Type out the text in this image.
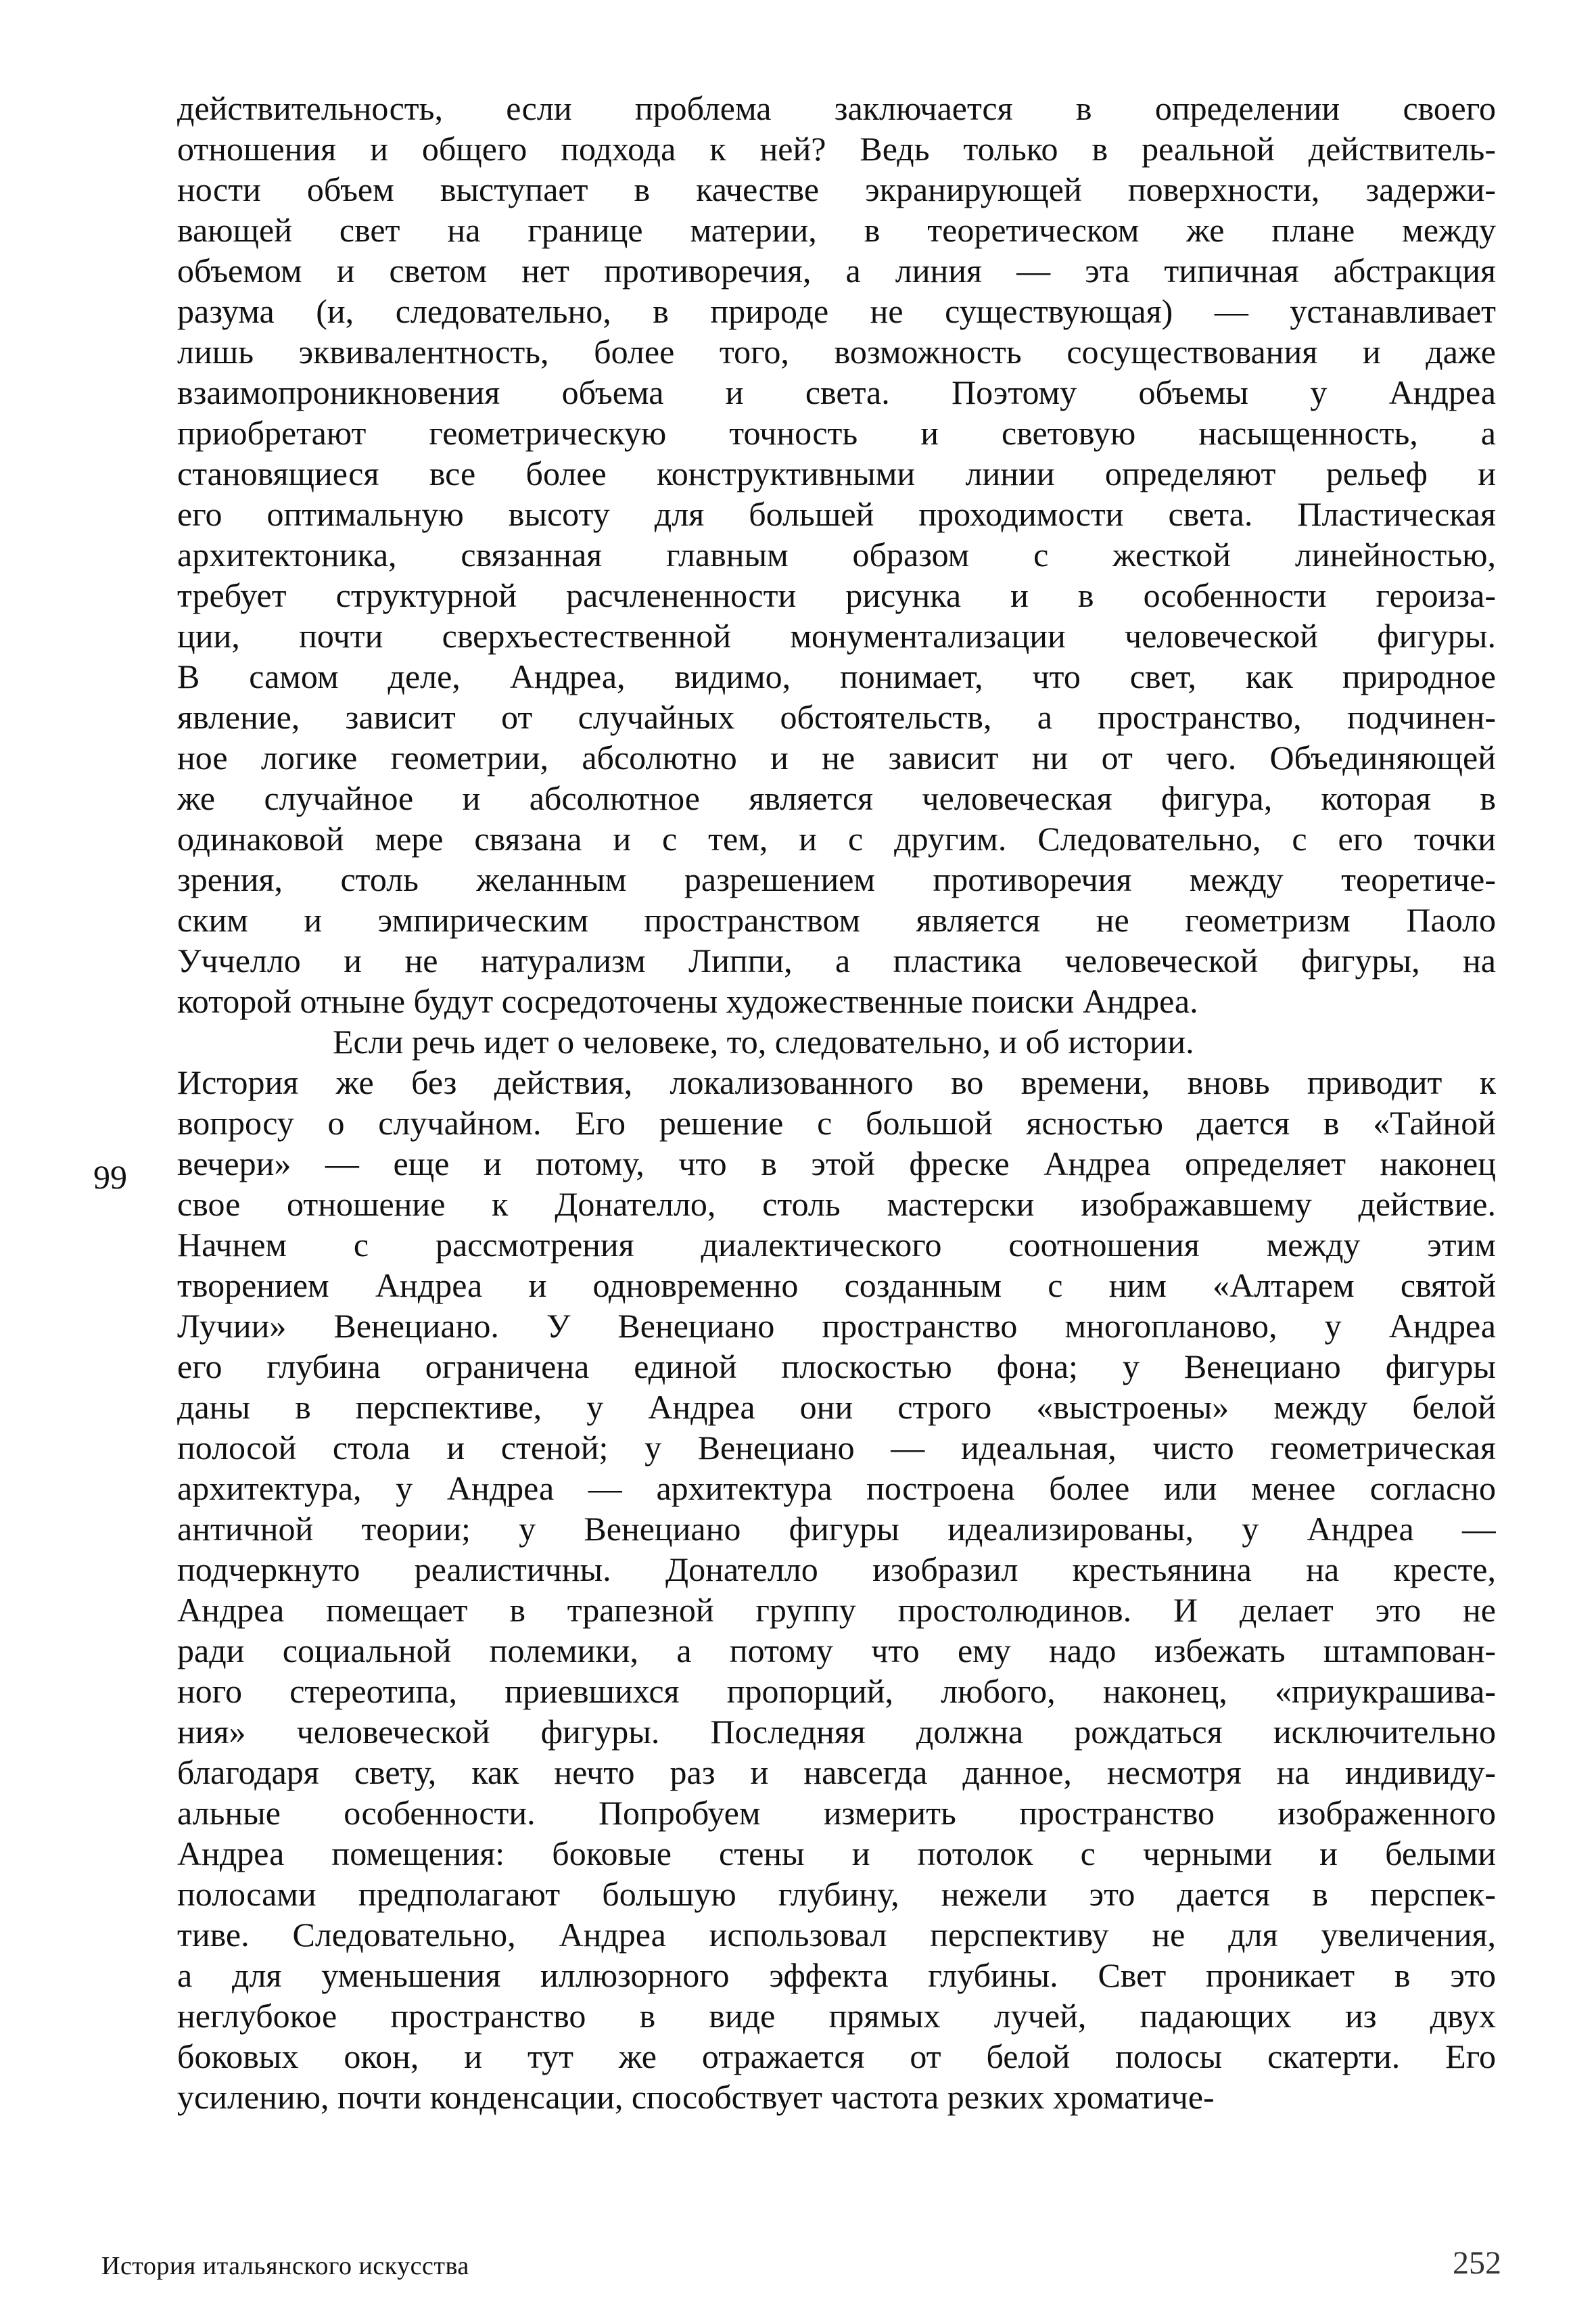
действительность, если проблема заключается в определении своего
отношения и общего подхода к ней? Ведь только в реальной действитель-
ности объем выступает в качестве экранирующей поверхности, задержи-
вающей свет на границе материи, в теоретическом же плане между
объемом и светом нет противоречия, а линия — эта типичная абстракция
разума (и, следовательно, в природе не существующая) — устанавливает
лишь эквивалентность, более того, возможность сосуществования и даже
взаимопроникновения объема и света. Поэтому объемы у Андреа
приобретают геометрическую точность и световую насыщенность, а
становящиеся все более конструктивными линии определяют рельеф и
его оптимальную высоту для большей проходимости света. Пластическая
архитектоника, связанная главным образом с жесткой линейностью,
требует структурной расчлененности рисунка и в особенности героиза-
ции, почти сверхъестественной монументализации человеческой фигуры.
В самом деле, Андреа, видимо, понимает, что свет, как природное
явление, зависит от случайных обстоятельств, а пространство, подчинен-
ное логике геометрии, абсолютно и не зависит ни от чего. Объединяющей
же случайное и абсолютное является человеческая фигура, которая в
одинаковой мере связана и с тем, и с другим. Следовательно, с его точки
зрения, столь желанным разрешением противоречия между теоретиче-
ским и эмпирическим пространством является не геометризм Паоло
Уччелло и не натурализм Липпи, а пластика человеческой фигуры, на
которой отныне будут сосредоточены художественные поиски Андреа.
Если речь идет о человеке, то, следовательно, и об истории.
История же без действия, локализованного во времени, вновь приводит к
вопросу о случайном. Его решение с большой ясностью дается в «Тайной
вечери» — еще и потому, что в этой фреске Андреа определяет наконец
свое отношение к Донателло, столь мастерски изображавшему действие.
Начнем с рассмотрения диалектического соотношения между этим
творением Андреа и одновременно созданным с ним «Алтарем святой
Лучии» Венециано. У Венециано пространство многопланово, у Андреа
его глубина ограничена единой плоскостью фона; у Венециано фигуры
даны в перспективе, у Андреа они строго «выстроены» между белой
полосой стола и стеной; у Венециано — идеальная, чисто геометрическая
архитектура, у Андреа — архитектура построена более или менее согласно
античной теории; у Венециано фигуры идеализированы, у Андреа —
подчеркнуто реалистичны. Донателло изобразил крестьянина на кресте,
Андреа помещает в трапезной группу простолюдинов. И делает это не
ради социальной полемики, а потому что ему надо избежать штампован-
ного стереотипа, приевшихся пропорций, любого, наконец, «приукрашива-
ния» человеческой фигуры. Последняя должна рождаться исключительно
благодаря свету, как нечто раз и навсегда данное, несмотря на индивиду-
альные особенности. Попробуем измерить пространство изображенного
Андреа помещения: боковые стены и потолок с черными и белыми
полосами предполагают большую глубину, нежели это дается в перспек-
тиве. Следовательно, Андреа использовал перспективу не для увеличения,
а для уменьшения иллюзорного эффекта глубины. Свет проникает в это
неглубокое пространство в виде прямых лучей, падающих из двух
боковых окон, и тут же отражается от белой полосы скатерти. Его
усилению, почти конденсации, способствует частота резких хроматиче-
99
История итальянского искусства	252
